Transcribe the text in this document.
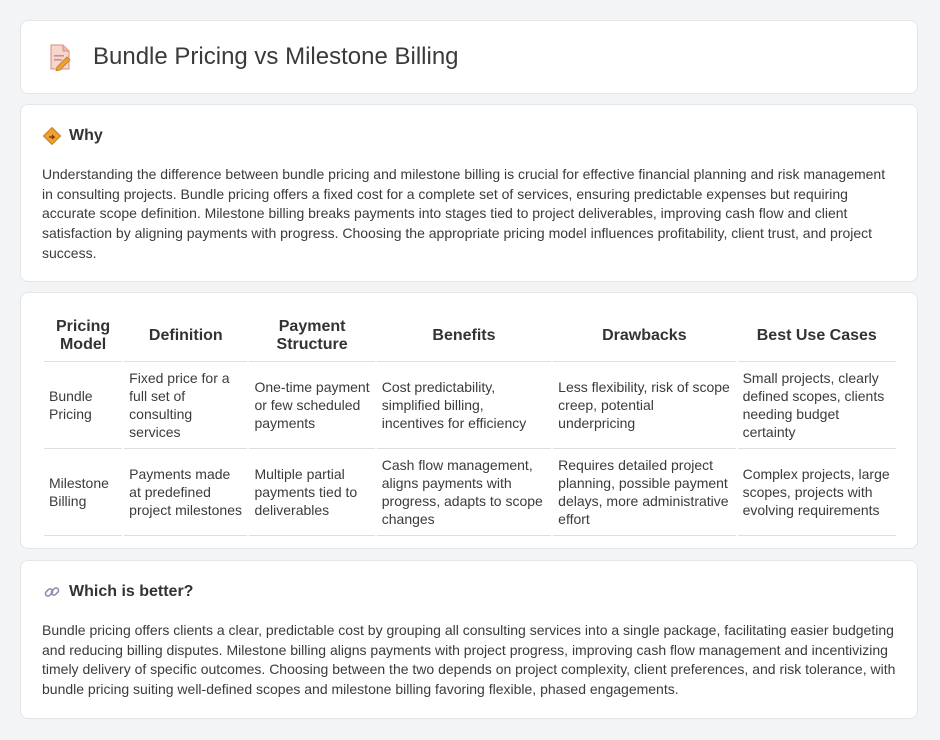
Bundle Pricing vs Milestone Billing
Why
Understanding the difference between bundle pricing and milestone billing is crucial for effective financial planning and risk management in consulting projects. Bundle pricing offers a fixed cost for a complete set of services, ensuring predictable expenses but requiring accurate scope definition. Milestone billing breaks payments into stages tied to project deliverables, improving cash flow and client satisfaction by aligning payments with progress. Choosing the appropriate pricing model influences profitability, client trust, and project success.
Pricing Model	Definition	Payment Structure	Benefits	Drawbacks	Best Use Cases
Bundle Pricing	Fixed price for a full set of consulting services	One-time payment or few scheduled payments	Cost predictability, simplified billing, incentives for efficiency	Less flexibility, risk of scope creep, potential underpricing	Small projects, clearly defined scopes, clients needing budget certainty
Milestone Billing	Payments made at predefined project milestones	Multiple partial payments tied to deliverables	Cash flow management, aligns payments with progress, adapts to scope changes	Requires detailed project planning, possible payment delays, more administrative effort	Complex projects, large scopes, projects with evolving requirements
Which is better?
Bundle pricing offers clients a clear, predictable cost by grouping all consulting services into a single package, facilitating easier budgeting and reducing billing disputes. Milestone billing aligns payments with project progress, improving cash flow management and incentivizing timely delivery of specific outcomes. Choosing between the two depends on project complexity, client preferences, and risk tolerance, with bundle pricing suiting well-defined scopes and milestone billing favoring flexible, phased engagements.
